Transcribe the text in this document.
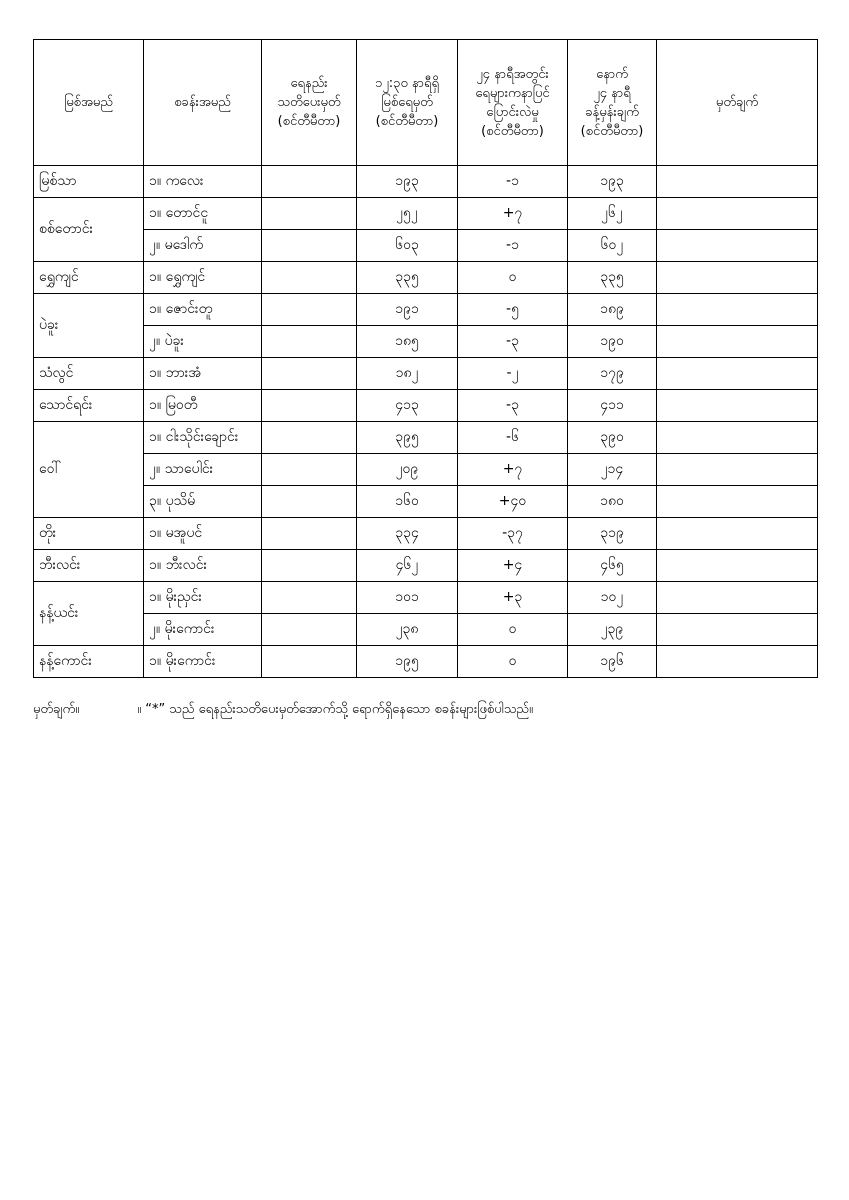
မြစ်အမည်	စခန်းအမည်	ရေနည်း
သတိပေးမှတ်
(စင်တီမီတာ)	၁၂:၃၀ နာရီရှိ
မြစ်ရေမှတ်
(စင်တီမီတာ)	၂၄ နာရီအတွင်း
ရေများကနာပြင်
ပြောင်းလဲမှု
(စင်တီမီတာ)	နောက်
၂၄ နာရီ
ခန့်မှန်းချက်
(စင်တီမီတာ)	မှတ်ချက်

မြစ်သာ	၁။ ကလေး		၁၉၃	-၁	၁၉၃	
စစ်တောင်း	၁။ တောင်ငူ		၂၅၂	+၇	၂၆၂	
	၂။ မဒေါက်		၆၀၃	-၁	၆၀၂	
ရွှေကျင်	၁။ ရွှေကျင်		၃၃၅	၀	၃၃၅	
ပဲခူး	၁။ ဇောင်းတူ		၁၉၁	-၅	၁၈၉	
	၂။ ပဲခူး		၁၈၅	-၃	၁၉၀	
သံလွင်	၁။ ဘားအံ		၁၈၂	-၂	၁၇၉	
သောင်ရင်း	၁။ မြဝတီ		၄၁၃	-၃	၄၁၁	
ဝေါ်	၁။ ငါးသိုင်းချောင်း		၃၉၅	-၆	၃၉၀	
	၂။ သာပေါင်း		၂၀၉	+၇	၂၁၄	
	၃။ ပုသိမ်		၁၆၀	+၄၀	၁၈၀	
တိုး	၁။ မအူပင်		၃၃၄	-၃၇	၃၁၉	
ဘီးလင်း	၁။ ဘီးလင်း		၄၆၂	+၄	၄၆၅	
နန့်ယင်း	၁။ မိုးညှင်း		၁၀၁	+၃	၁၀၂	
	၂။ မိုးကောင်း		၂၃၈	၀	၂၃၉	
နန့်ကောင်း	၁။ မိုးကောင်း		၁၉၅	၀	၁၉၆	
မှတ်ချက်။	။ “*” သည် ရေနည်းသတိပေးမှတ်အောက်သို့ ရောက်ရှိနေသော စခန်းများဖြစ်ပါသည်။
